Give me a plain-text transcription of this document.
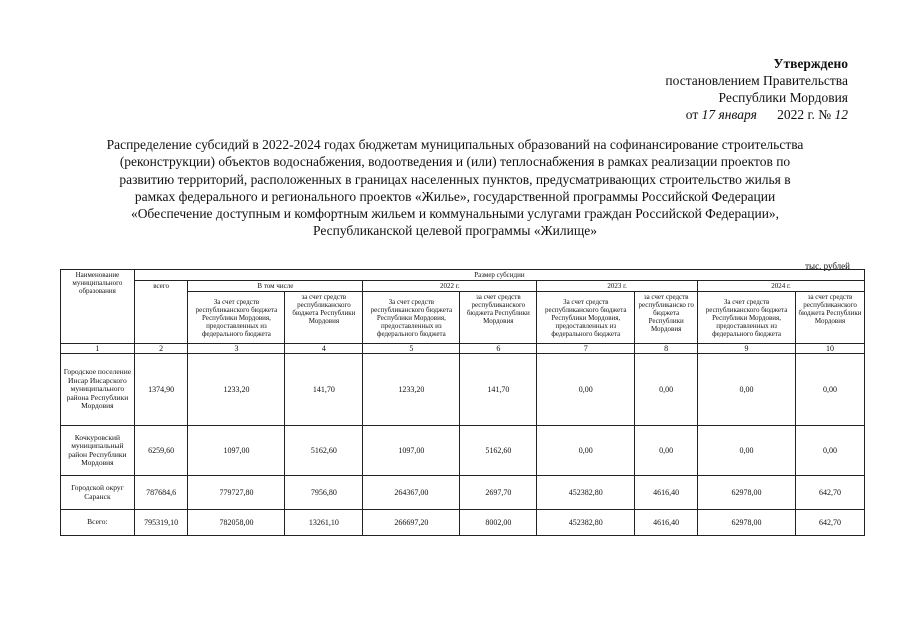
Утверждено
постановлением Правительства
Республики Мордовия
от 17 января 2022 г. № 12
Распределение субсидий в 2022-2024 годах бюджетам муниципальных образований на софинансирование строительства
(реконструкции) объектов водоснабжения, водоотведения и (или) теплоснабжения в рамках реализации проектов по
развитию территорий, расположенных в границах населенных пунктов, предусматривающих строительство жилья в
рамках федерального и регионального проектов «Жилье», государственной программы Российской Федерации
«Обеспечение доступным и комфортным жильем и коммунальными услугами граждан Российской Федерации»,
Республиканской целевой программы «Жилище»
тыс. рублей
Наименование муниципального образования	Размер субсидии								
	всего	В том числе		2022 г.		2023 г.		2024 г.	
		За счет средств республиканского бюджета Республики Мордовия, предоставленных из федерального бюджета	за счет средств республиканского бюджета Республики Мордовия	За счет средств республиканского бюджета Республики Мордовия, предоставленных из федерального бюджета	за счет средств республиканского бюджета Республики Мордовия	За счет средств республиканского бюджета Республики Мордовия, предоставленных из федерального бюджета	за счет средств республиканско го бюджета Республики Мордовия	За счет средств республиканского бюджета Республики Мордовия, предоставленных из федерального бюджета	за счет средств республиканского бюджета Республики Мордовия
1	2	3	4	5	6	7	8	9	10
Городское поселение Инсар Инсарского муниципального района Республики Мордовия	1374,90	1233,20	141,70	1233,20	141,70	0,00	0,00	0,00	0,00
Кочкуровский муниципальный район Республики Мордовия	6259,60	1097,00	5162,60	1097,00	5162,60	0,00	0,00	0,00	0,00
Городской округ Саранск	787684,6	779727,80	7956,80	264367,00	2697,70	452382,80	4616,40	62978,00	642,70
Всего:	795319,10	782058,00	13261,10	266697,20	8002,00	452382,80	4616,40	62978,00	642,70
